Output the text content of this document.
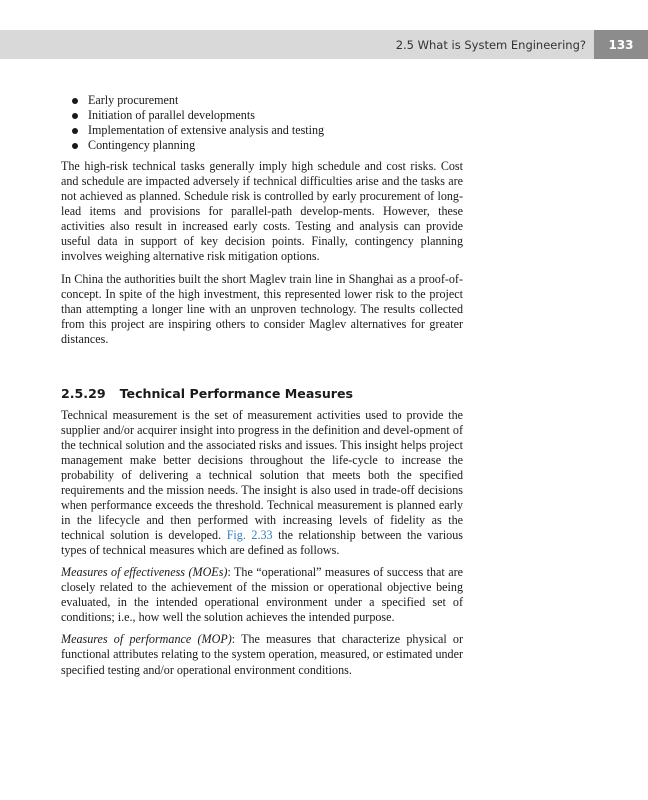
2.5 What is System Engineering?	133
Early procurement
Initiation of parallel developments
Implementation of extensive analysis and testing
Contingency planning

The high-risk technical tasks generally imply high schedule and cost risks. Cost and schedule are impacted adversely if technical difficulties arise and the tasks are not achieved as planned. Schedule risk is controlled by early procurement of long-lead items and provisions for parallel-path develop-ments. However, these activities also result in increased early costs. Testing and analysis can provide useful data in support of key decision points. Finally, contingency planning involves weighing alternative risk mitigation options.

In China the authorities built the short Maglev train line in Shanghai as a proof-of-concept. In spite of the high investment, this represented lower risk to the project than attempting a longer line with an unproven technology. The results collected from this project are inspiring others to consider Maglev alternatives for greater distances.

2.5.29 Technical Performance Measures

Technical measurement is the set of measurement activities used to provide the supplier and/or acquirer insight into progress in the definition and devel-opment of the technical solution and the associated risks and issues. This insight helps project management make better decisions throughout the life-cycle to increase the probability of delivering a technical solution that meets both the specified requirements and the mission needs. The insight is also used in trade-off decisions when performance exceeds the threshold. Technical measurement is planned early in the lifecycle and then performed with increasing levels of fidelity as the technical solution is developed. Fig. 2.33 the relationship between the various types of technical measures which are defined as follows.

Measures of effectiveness (MOEs): The “operational” measures of success that are closely related to the achievement of the mission or operational objective being evaluated, in the intended operational environment under a specified set of conditions; i.e., how well the solution achieves the intended purpose.

Measures of performance (MOP): The measures that characterize physical or functional attributes relating to the system operation, measured, or estimated under specified testing and/or operational environment conditions.
